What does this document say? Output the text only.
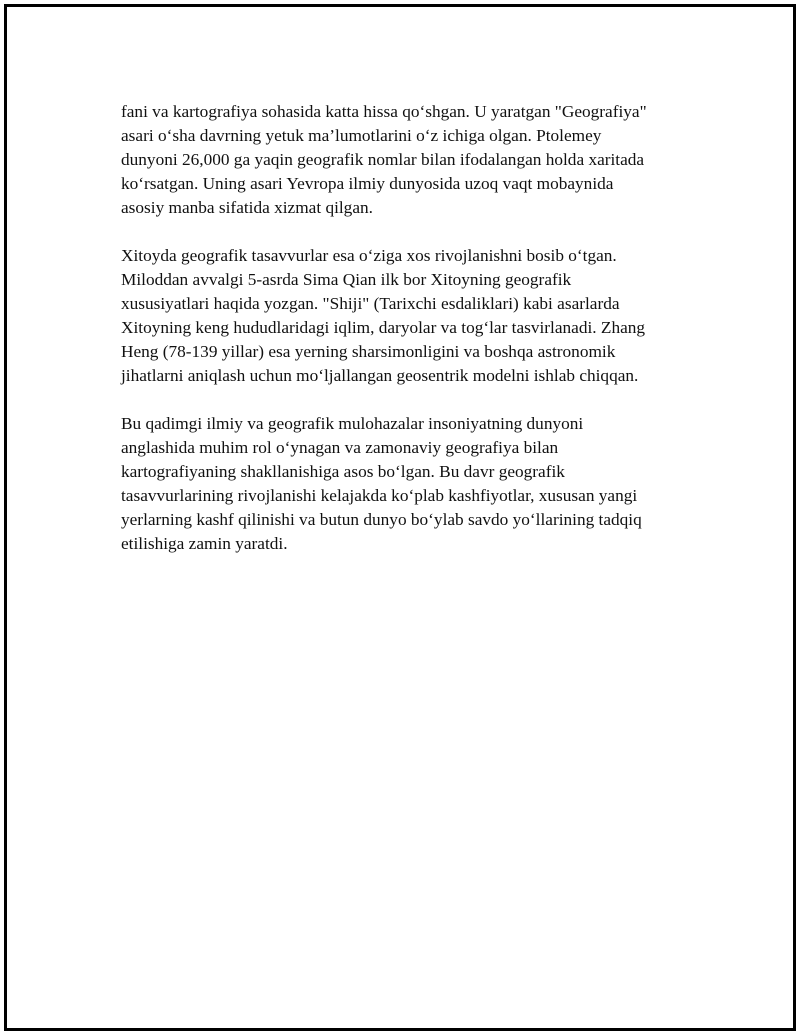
fani va kartografiya sohasida katta hissa qo‘shgan. U yaratgan "Geografiya"
asari o‘sha davrning yetuk ma’lumotlarini o‘z ichiga olgan. Ptolemey
dunyoni 26,000 ga yaqin geografik nomlar bilan ifodalangan holda xaritada
ko‘rsatgan. Uning asari Yevropa ilmiy dunyosida uzoq vaqt mobaynida
asosiy manba sifatida xizmat qilgan.

Xitoyda geografik tasavvurlar esa o‘ziga xos rivojlanishni bosib o‘tgan.
Miloddan avvalgi 5-asrda Sima Qian ilk bor Xitoyning geografik
xususiyatlari haqida yozgan. "Shiji" (Tarixchi esdaliklari) kabi asarlarda
Xitoyning keng hududlaridagi iqlim, daryolar va tog‘lar tasvirlanadi. Zhang
Heng (78-139 yillar) esa yerning sharsimonligini va boshqa astronomik
jihatlarni aniqlash uchun mo‘ljallangan geosentrik modelni ishlab chiqqan.

Bu qadimgi ilmiy va geografik mulohazalar insoniyatning dunyoni
anglashida muhim rol o‘ynagan va zamonaviy geografiya bilan
kartografiyaning shakllanishiga asos bo‘lgan. Bu davr geografik
tasavvurlarining rivojlanishi kelajakda ko‘plab kashfiyotlar, xususan yangi
yerlarning kashf qilinishi va butun dunyo bo‘ylab savdo yo‘llarining tadqiq
etilishiga zamin yaratdi.
